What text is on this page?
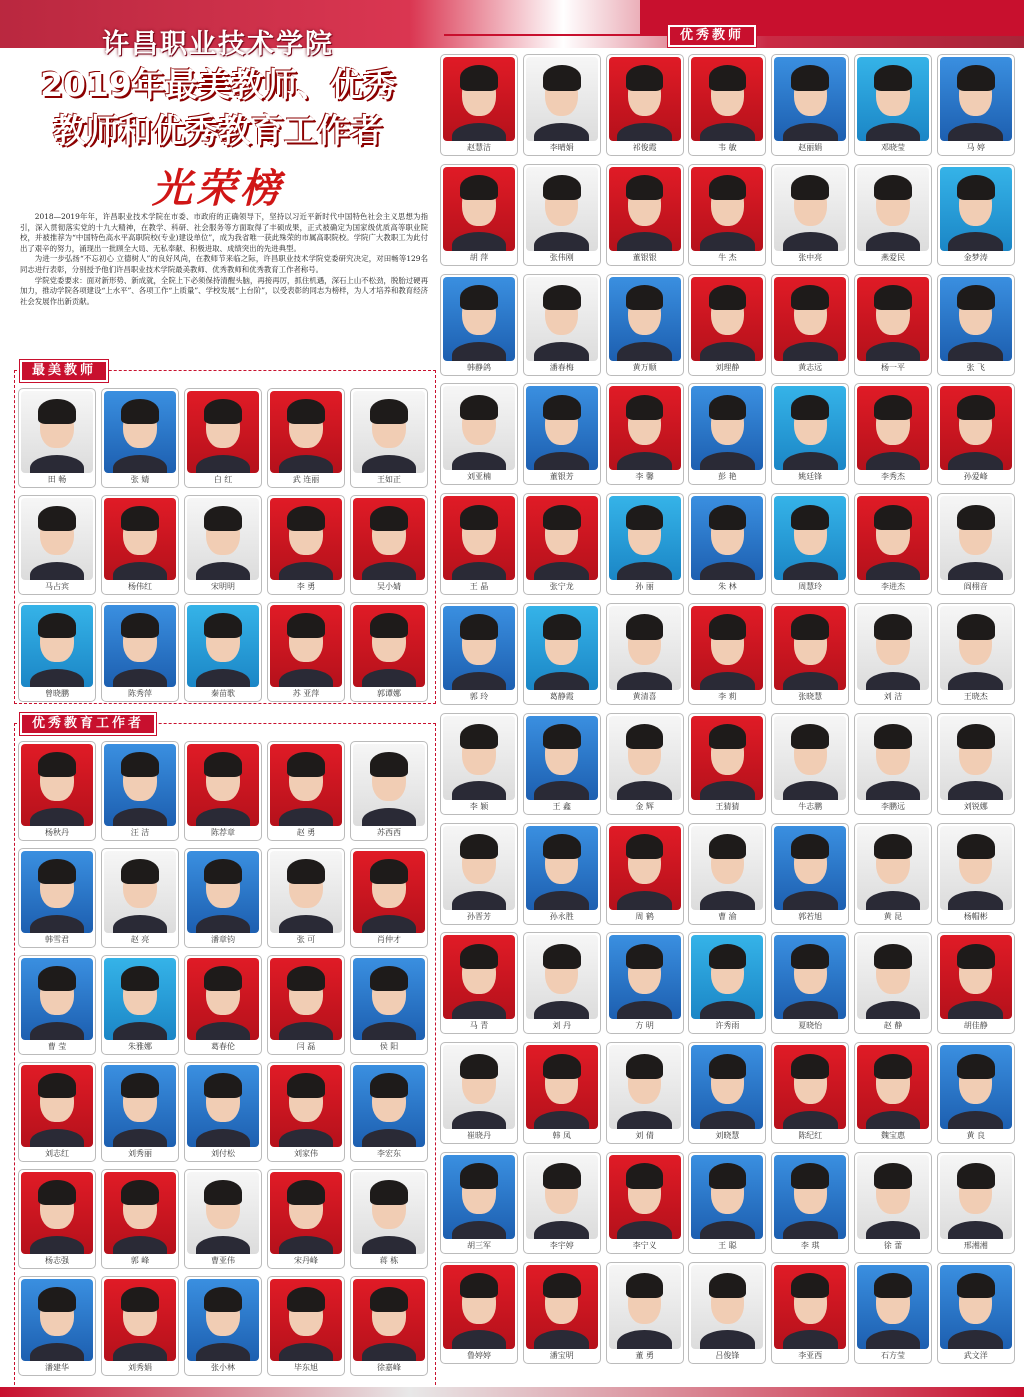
许昌职业技术学院
2019年最美教师、优秀
教师和优秀教育工作者
光荣榜

2018—2019年年，许昌职业技术学院在市委、市政府的正确领导下，坚持以习近平新时代中国特色社会主义思想为指引，深入贯彻落实党的十九大精神，在教学、科研、社会服务等方面取得了丰硕成果，正式被确定为国家级优质高等职业院校，并被推荐为“中国特色高水平高职院校(专业)建设单位”，成为我省唯一获此殊荣的市属高职院校。学院广大教职工为此付出了艰辛的努力，涌现出一批顾全大局、无私奉献、积极进取、成绩突出的先进典型。

为进一步弘扬“不忘初心 立德树人”的良好风尚，在教师节来临之际，许昌职业技术学院党委研究决定，对田畅等129名同志进行表彰，分别授予他们许昌职业技术学院最美教师、优秀教师和优秀教育工作者称号。

学院党委要求：面对新形势、新成就，全院上下必须保持清醒头脑，再接再厉，抓住机遇，深石上山不松劲，脱胎过硬再加力，推动学院各项建设“上水平”、各项工作“上质量”、学校发展“上台阶”，以受表彰的同志为榜样，为人才培养和教育经济社会发展作出新贡献。

优秀教师
最美教师
优秀教育工作者
田 畅	张 婧	白 红	武 连丽	王如正
马占宾	杨伟红	宋明明	李 勇	吴小婧
曾晓鹏	陈秀萍	秦苗歌	苏 亚萍	郭谭娜
杨秋丹	汪 洁	陈荐章	赵 勇	苏西西
韩雪君	赵 亮	潘章钧	张 可	肖仲才
曹 莹	朱雅娜	葛春伦	闫 磊	侯 阳
刘志红	刘秀丽	刘付松	刘家伟	李宏东
杨志强	郭 峰	曹亚伟	宋丹峰	蒋 栋
潘建华	刘秀娟	张小林	毕东旭	徐嘉峰
赵慧洁	李晴娟	祁俊霞	韦 敏	赵丽娟	邓晓莹	马 婷
胡 萍	张伟刚	董银银	牛 杰	张中亮	燕爱民	金梦涛
韩静鸽	潘春梅	黄万顺	刘理静	黄志远	杨一平	张 飞
刘亚楠	董银芳	李 馨	彭 艳	姚廷锋	李秀杰	孙爱峰
王 晶	张宁龙	孙 丽	朱 林	周慧玲	李进杰	阎栩音
郭 玲	葛静霞	黄清喜	李 莉	张晓慧	刘 洁	王晓杰
李 颖	王 鑫	金 辉	王猜猜	牛志鹏	李鹏远	刘锐娜
孙晋芳	孙永胜	周 鹤	曹 渝	郭若旭	黄 昆	杨帽彬
马 青	刘 丹	方 明	许秀雨	夏晓怡	赵 静	胡佳静
崔晓丹	韩 凤	刘 倩	刘晓慧	陈纪红	魏宝惠	黄 良
胡三军	李宇婷	李宁义	王 聪	李 琪	徐 蕾	邢湘湘
鲁婷婷	潘宝明	董 勇	吕俊锋	李亚西	石方莹	武文洋
